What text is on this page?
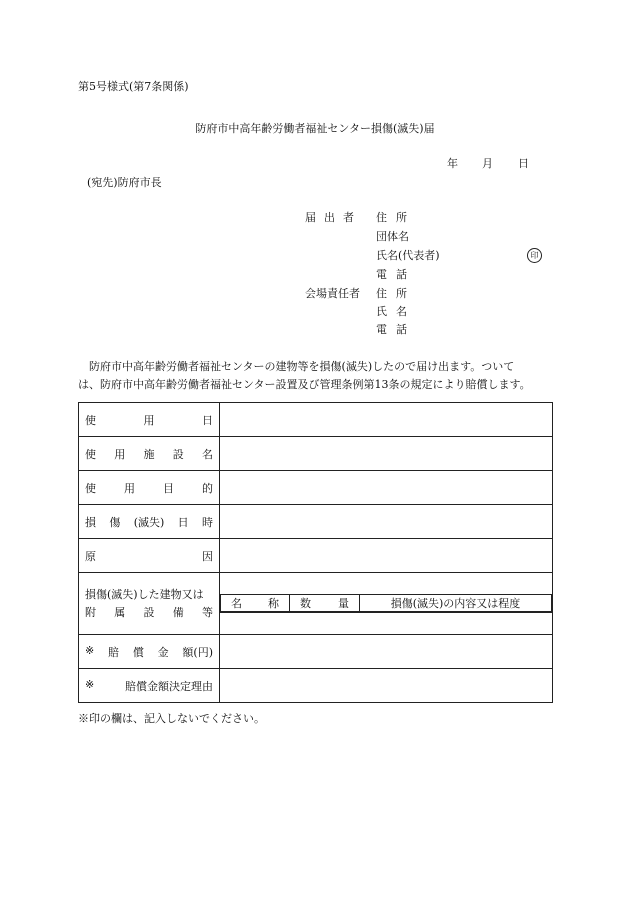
第5号様式(第7条関係)
防府市中高年齢労働者福祉センター損傷(滅失)届
年 月 日
(宛先)防府市長
届出者 住所
団体名
氏名(代表者)	印
電話
会場責任者 住所
氏名
電話
防府市中高年齢労働者福祉センターの建物等を損傷(滅失)したので届け出ます。ついて
は、防府市中高年齢労働者福祉センター設置及び管理条例第13条の規定により賠償します。
使	用	日

使 用 施 設 名

使	用	目	的

損 傷 (滅失) 日 時

原	因

損傷(滅失)した建物又は
附 属 設 備 等

名 称	数 量	損傷(滅失)の内容又は程度

※ 賠 償 金 額(円)

※	賠償金額決定理由

※印の欄は、記入しないでください。
